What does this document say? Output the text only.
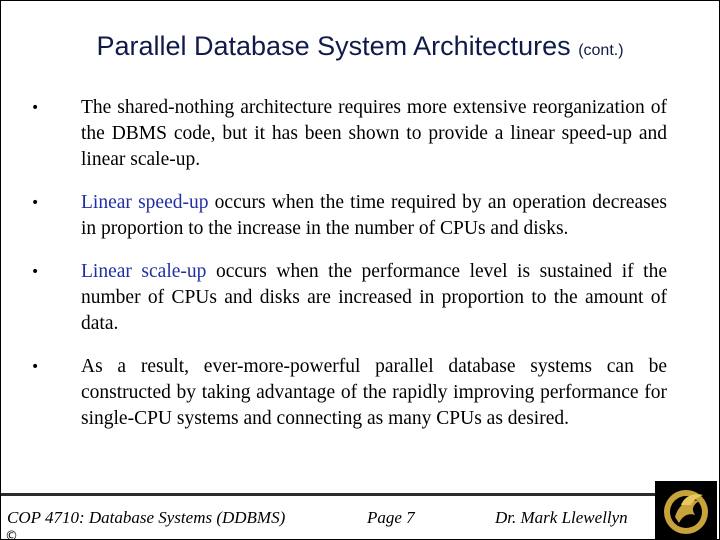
Parallel Database System Architectures (cont.)
• The shared-nothing architecture requires more extensive reorganization of the DBMS code, but it has been shown to provide a linear speed-up and linear scale-up.
• Linear speed-up occurs when the time required by an operation decreases in proportion to the increase in the number of CPUs and disks.
• Linear scale-up occurs when the performance level is sustained if the number of CPUs and disks are increased in proportion to the amount of data.
• As a result, ever-more-powerful parallel database systems can be constructed by taking advantage of the rapidly improving performance for single-CPU systems and connecting as many CPUs as desired.
COP 4710: Database Systems (DDBMS)	Page 7	Dr. Mark Llewellyn
©
